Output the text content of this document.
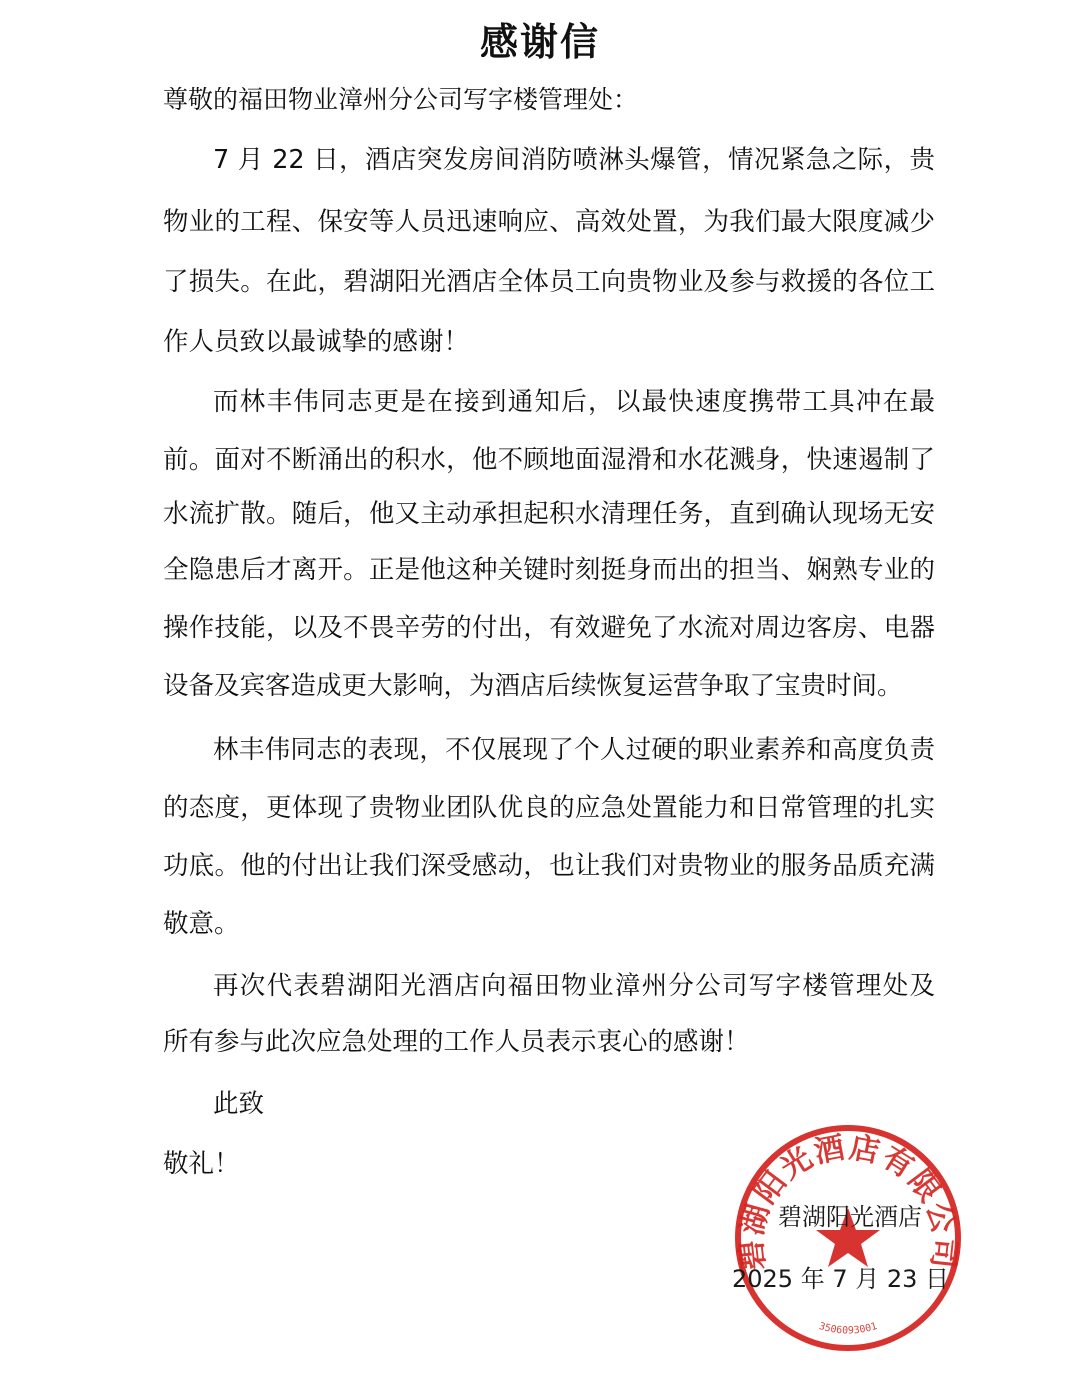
感谢信
尊敬的福田物业漳州分公司写字楼管理处：
7 月 22 日，酒店突发房间消防喷淋头爆管，情况紧急之际，贵
物业的工程、保安等人员迅速响应、高效处置，为我们最大限度减少
了损失。在此，碧湖阳光酒店全体员工向贵物业及参与救援的各位工
作人员致以最诚挚的感谢！
而林丰伟同志更是在接到通知后，以最快速度携带工具冲在最
前。面对不断涌出的积水，他不顾地面湿滑和水花溅身，快速遏制了
水流扩散。随后，他又主动承担起积水清理任务，直到确认现场无安
全隐患后才离开。正是他这种关键时刻挺身而出的担当、娴熟专业的
操作技能，以及不畏辛劳的付出，有效避免了水流对周边客房、电器
设备及宾客造成更大影响，为酒店后续恢复运营争取了宝贵时间。
林丰伟同志的表现，不仅展现了个人过硬的职业素养和高度负责
的态度，更体现了贵物业团队优良的应急处置能力和日常管理的扎实
功底。他的付出让我们深受感动，也让我们对贵物业的服务品质充满
敬意。
再次代表碧湖阳光酒店向福田物业漳州分公司写字楼管理处及
所有参与此次应急处理的工作人员表示衷心的感谢！
此致
敬礼！
碧湖阳光酒店有限公司
3506093001
碧湖阳光酒店
2025 年 7 月 23 日
